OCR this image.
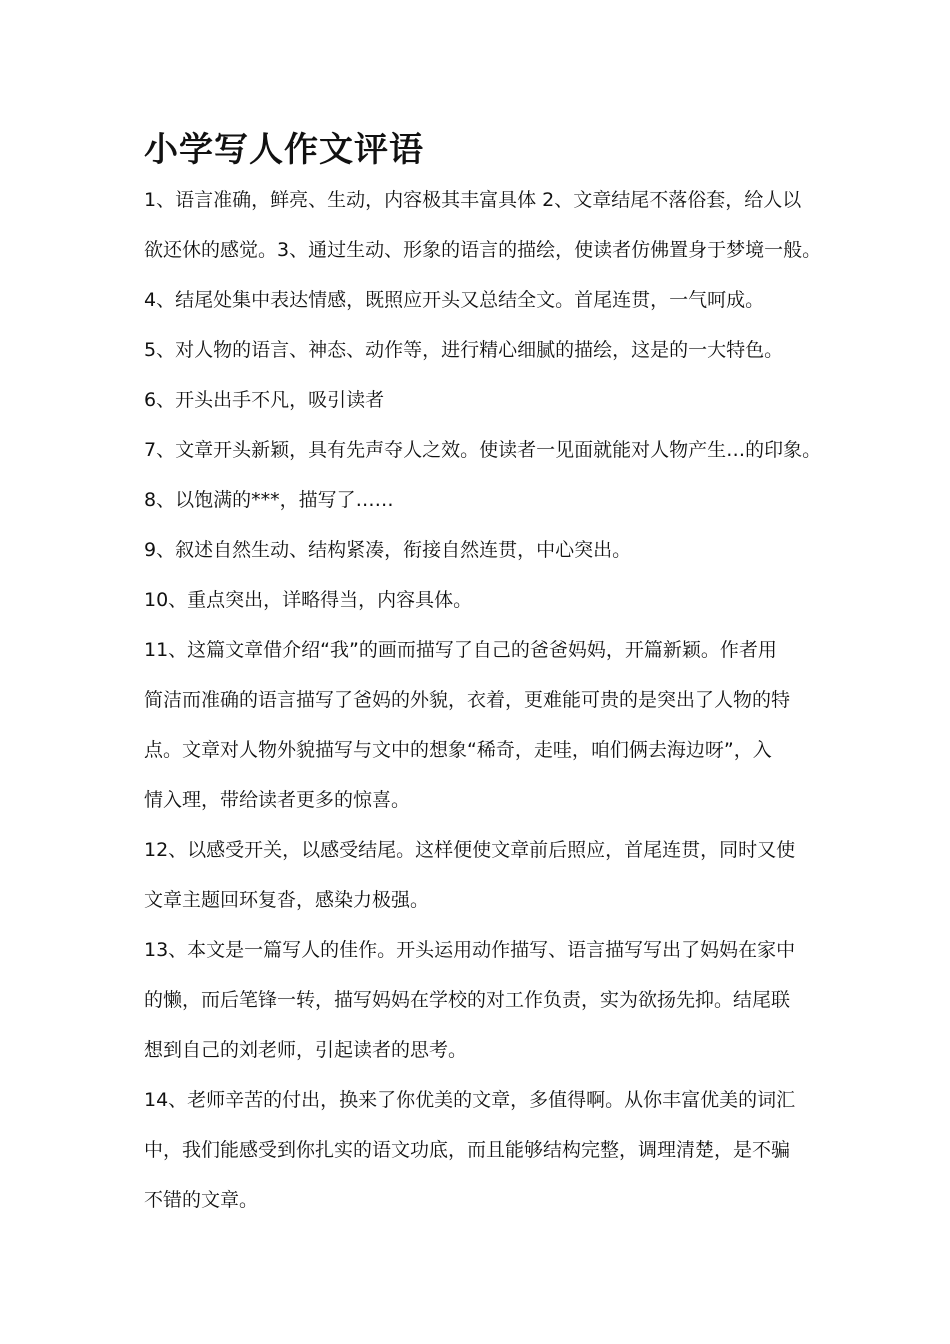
小学写人作文评语

1、语言准确，鲜亮、生动，内容极其丰富具体 2、文章结尾不落俗套，给人以

欲还休的感觉。3、通过生动、形象的语言的描绘，使读者仿佛置身于梦境一般。

4、结尾处集中表达情感，既照应开头又总结全文。首尾连贯，一气呵成。

5、对人物的语言、神态、动作等，进行精心细腻的描绘，这是的一大特色。

6、开头出手不凡，吸引读者

7、文章开头新颖，具有先声夺人之效。使读者一见面就能对人物产生…的印象。

8、以饱满的***，描写了……

9、叙述自然生动、结构紧凑，衔接自然连贯，中心突出。

10、重点突出，详略得当，内容具体。

11、这篇文章借介绍“我”的画而描写了自己的爸爸妈妈，开篇新颖。作者用

简洁而准确的语言描写了爸妈的外貌，衣着，更难能可贵的是突出了人物的特

点。文章对人物外貌描写与文中的想象“稀奇，走哇，咱们俩去海边呀”，入

情入理，带给读者更多的惊喜。

12、以感受开关，以感受结尾。这样便使文章前后照应，首尾连贯，同时又使

文章主题回环复沓，感染力极强。

13、本文是一篇写人的佳作。开头运用动作描写、语言描写写出了妈妈在家中

的懒，而后笔锋一转，描写妈妈在学校的对工作负责，实为欲扬先抑。结尾联

想到自己的刘老师，引起读者的思考。

14、老师辛苦的付出，换来了你优美的文章，多值得啊。从你丰富优美的词汇

中，我们能感受到你扎实的语文功底，而且能够结构完整，调理清楚，是不骗

不错的文章。
